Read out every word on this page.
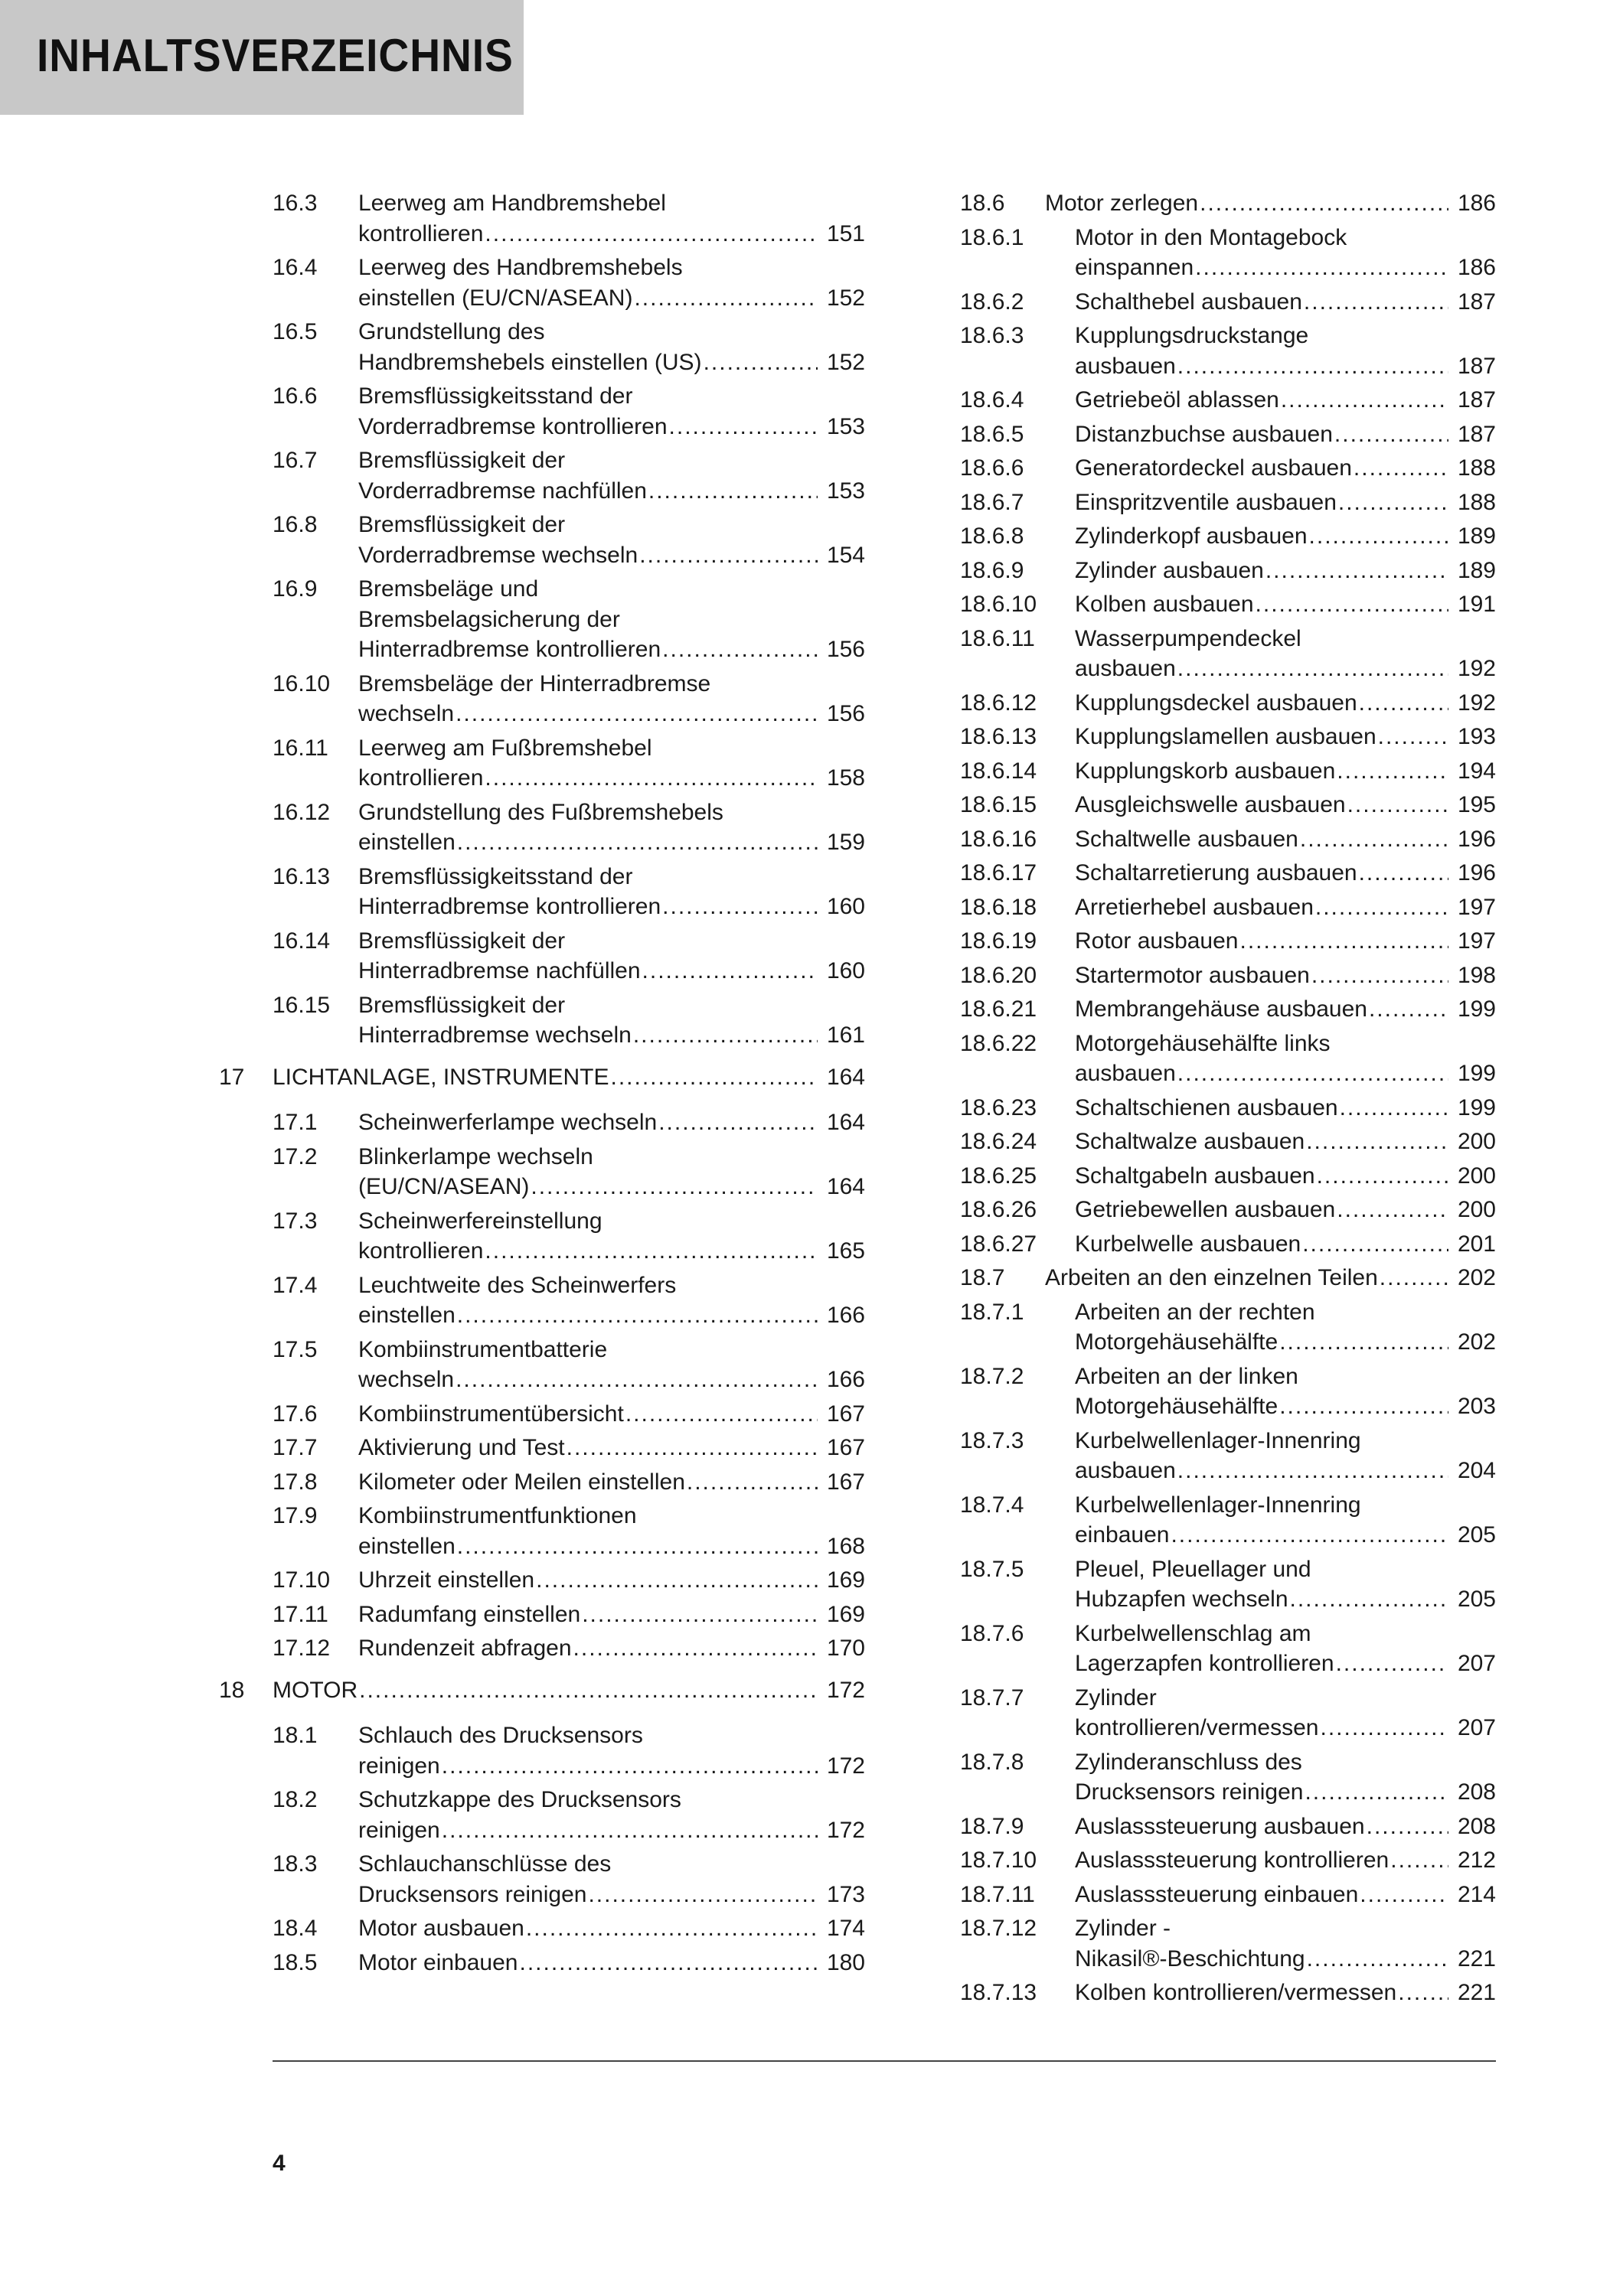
INHALTSVERZEICHNIS
16.3	Leerweg am Handbremshebel
kontrollieren .....	151
16.4	Leerweg des Handbremshebels
einstellen (EU/CN/ASEAN) .....	152
16.5	Grundstellung des
Handbremshebels einstellen (US) .....	152
16.6	Bremsflüssigkeitsstand der
Vorderradbremse kontrollieren .....	153
16.7	Bremsflüssigkeit der
Vorderradbremse nachfüllen .....	153
16.8	Bremsflüssigkeit der
Vorderradbremse wechseln .....	154
16.9	Bremsbeläge und
Bremsbelagsicherung der
Hinterradbremse kontrollieren .....	156
16.10	Bremsbeläge der Hinterradbremse
wechseln .....	156
16.11	Leerweg am Fußbremshebel
kontrollieren .....	158
16.12	Grundstellung des Fußbremshebels
einstellen .....	159
16.13	Bremsflüssigkeitsstand der
Hinterradbremse kontrollieren .....	160
16.14	Bremsflüssigkeit der
Hinterradbremse nachfüllen .....	160
16.15	Bremsflüssigkeit der
Hinterradbremse wechseln .....	161
17	LICHTANLAGE, INSTRUMENTE .....	164
17.1	Scheinwerferlampe wechseln .....	164
17.2	Blinkerlampe wechseln
(EU/CN/ASEAN) .....	164
17.3	Scheinwerfereinstellung
kontrollieren .....	165
17.4	Leuchtweite des Scheinwerfers
einstellen .....	166
17.5	Kombiinstrumentbatterie
wechseln .....	166
17.6	Kombiinstrumentübersicht .....	167
17.7	Aktivierung und Test .....	167
17.8	Kilometer oder Meilen einstellen .....	167
17.9	Kombiinstrumentfunktionen
einstellen .....	168
17.10	Uhrzeit einstellen .....	169
17.11	Radumfang einstellen .....	169
17.12	Rundenzeit abfragen .....	170
18	MOTOR .....	172
18.1	Schlauch des Drucksensors
reinigen .....	172
18.2	Schutzkappe des Drucksensors
reinigen .....	172
18.3	Schlauchanschlüsse des
Drucksensors reinigen .....	173
18.4	Motor ausbauen .....	174
18.5	Motor einbauen .....	180
18.6	Motor zerlegen .....	186
18.6.1	Motor in den Montagebock
einspannen .....	186
18.6.2	Schalthebel ausbauen .....	187
18.6.3	Kupplungsdruckstange
ausbauen .....	187
18.6.4	Getriebeöl ablassen .....	187
18.6.5	Distanzbuchse ausbauen .....	187
18.6.6	Generatordeckel ausbauen .....	188
18.6.7	Einspritzventile ausbauen .....	188
18.6.8	Zylinderkopf ausbauen .....	189
18.6.9	Zylinder ausbauen .....	189
18.6.10	Kolben ausbauen .....	191
18.6.11	Wasserpumpendeckel
ausbauen .....	192
18.6.12	Kupplungsdeckel ausbauen .....	192
18.6.13	Kupplungslamellen ausbauen .....	193
18.6.14	Kupplungskorb ausbauen .....	194
18.6.15	Ausgleichswelle ausbauen .....	195
18.6.16	Schaltwelle ausbauen .....	196
18.6.17	Schaltarretierung ausbauen .....	196
18.6.18	Arretierhebel ausbauen .....	197
18.6.19	Rotor ausbauen .....	197
18.6.20	Startermotor ausbauen .....	198
18.6.21	Membrangehäuse ausbauen .....	199
18.6.22	Motorgehäusehälfte links
ausbauen .....	199
18.6.23	Schaltschienen ausbauen .....	199
18.6.24	Schaltwalze ausbauen .....	200
18.6.25	Schaltgabeln ausbauen .....	200
18.6.26	Getriebewellen ausbauen .....	200
18.6.27	Kurbelwelle ausbauen .....	201
18.7	Arbeiten an den einzelnen Teilen .....	202
18.7.1	Arbeiten an der rechten
Motorgehäusehälfte .....	202
18.7.2	Arbeiten an der linken
Motorgehäusehälfte .....	203
18.7.3	Kurbelwellenlager-Innenring
ausbauen .....	204
18.7.4	Kurbelwellenlager-Innenring
einbauen .....	205
18.7.5	Pleuel, Pleuellager und
Hubzapfen wechseln .....	205
18.7.6	Kurbelwellenschlag am
Lagerzapfen kontrollieren .....	207
18.7.7	Zylinder
kontrollieren/vermessen .....	207
18.7.8	Zylinderanschluss des
Drucksensors reinigen .....	208
18.7.9	Auslasssteuerung ausbauen .....	208
18.7.10	Auslasssteuerung kontrollieren .....	212
18.7.11	Auslasssteuerung einbauen .....	214
18.7.12	Zylinder -
Nikasil®-Beschichtung .....	221
18.7.13	Kolben kontrollieren/vermessen .....	221
4
